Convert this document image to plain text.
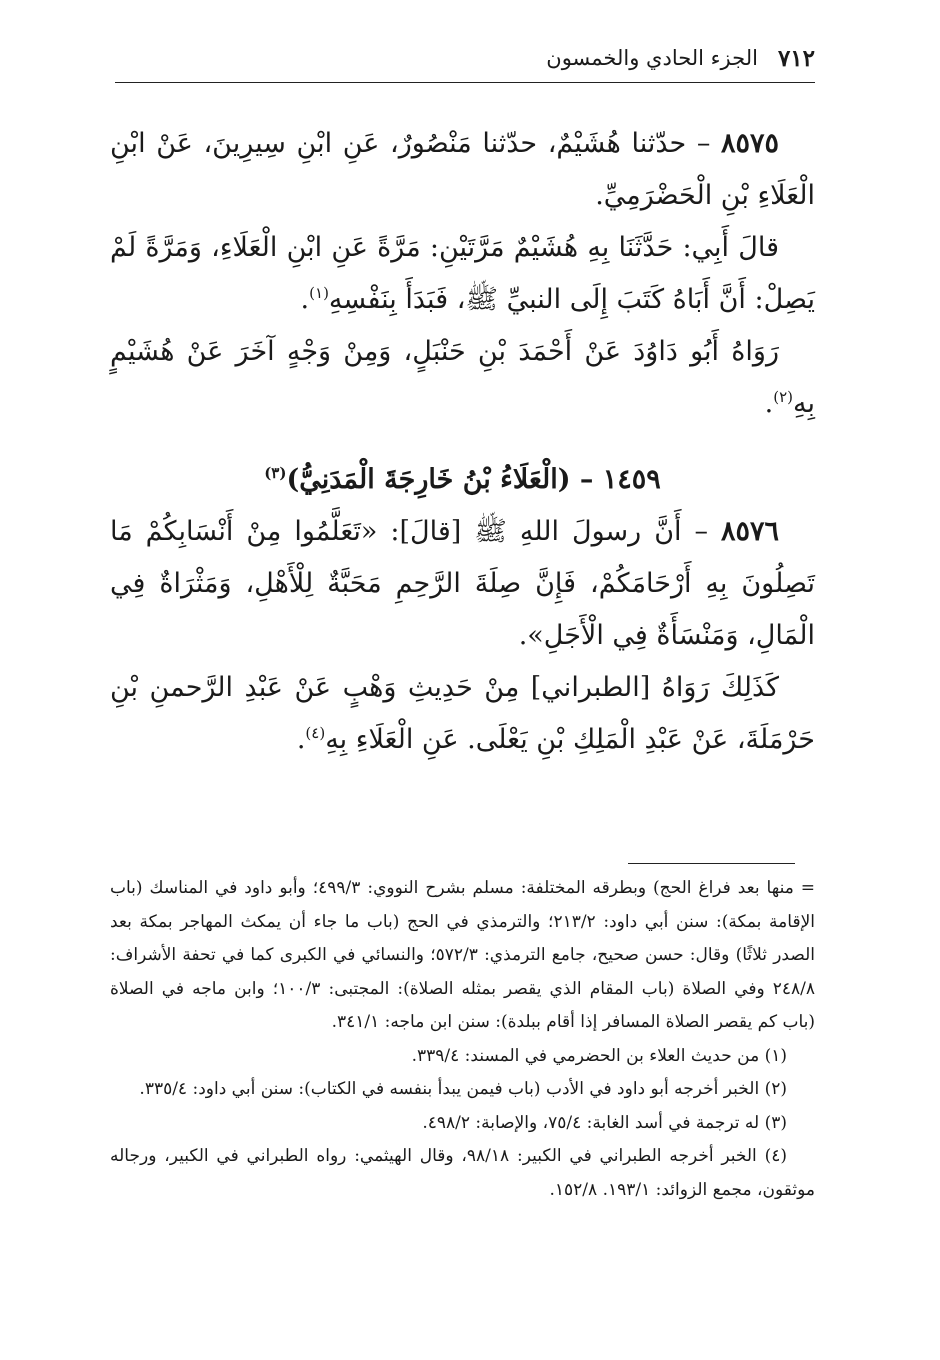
٧١٢
الجزء الحادي والخمسون

٨٥٧٥ – حدّثنا هُشَيْمٌ، حدّثنا مَنْصُورٌ، عَنِ ابْنِ سِيرِينَ، عَنْ ابْنِ الْعَلَاءِ بْنِ الْحَضْرَمِيِّ.

قالَ أَبِي: حَدَّثَنَا بِهِ هُشَيْمٌ مَرَّتَيْنِ: مَرَّةً عَنِ ابْنِ الْعَلَاءِ، وَمَرَّةً لَمْ يَصِلْ: أَنَّ أَبَاهُ كَتَبَ إِلَى النبيِّ ﷺ، فَبَدَأَ بِنَفْسِهِ$^{(١)}$.

رَوَاهُ أَبُو دَاوُدَ عَنْ أَحْمَدَ بْنِ حَنْبَلٍ، وَمِنْ وَجْهٍ آخَرَ عَنْ هُشَيْمٍ بِهِ$^{(٢)}$.

١٤٥٩ – (الْعَلَاءُ بْنُ خَارِجَةَ الْمَدَنِيُّ)$^{(٣)}$

٨٥٧٦ – أَنَّ رسولَ اللهِ ﷺ [قالَ]: «تَعَلَّمُوا مِنْ أَنْسَابِكُمْ مَا تَصِلُونَ بِهِ أَرْحَامَكُمْ، فَإِنَّ صِلَةَ الرَّحِمِ مَحَبَّةٌ لِلْأَهْلِ، وَمَثْرَاةٌ فِي الْمَالِ، وَمَنْسَأَةٌ فِي الْأَجَلِ».

كَذَلِكَ رَوَاهُ [الطبراني] مِنْ حَدِيثِ وَهْبٍ عَنْ عَبْدِ الرَّحمنِ بْنِ حَرْمَلَةَ، عَنْ عَبْدِ الْمَلِكِ بْنِ يَعْلَى. عَنِ الْعَلَاءِ بِهِ$^{(٤)}$.

= منها بعد فراغ الحج) وبطرقه المختلفة: مسلم بشرح النووي: ٤٩٩/٣؛ وأبو داود في المناسك (باب الإقامة بمكة): سنن أبي داود: ٢١٣/٢؛ والترمذي في الحج (باب ما جاء أن يمكث المهاجر بمكة بعد الصدر ثلاثًا) وقال: حسن صحيح، جامع الترمذي: ٥٧٢/٣؛ والنسائي في الكبرى كما في تحفة الأشراف: ٢٤٨/٨ وفي الصلاة (باب المقام الذي يقصر بمثله الصلاة): المجتبى: ١٠٠/٣؛ وابن ماجه في الصلاة (باب كم يقصر الصلاة المسافر إذا أقام ببلدة): سنن ابن ماجه: ٣٤١/١.

(١) من حديث العلاء بن الحضرمي في المسند: ٣٣٩/٤.

(٢) الخبر أخرجه أبو داود في الأدب (باب فيمن يبدأ بنفسه في الكتاب): سنن أبي داود: ٣٣٥/٤.

(٣) له ترجمة في أسد الغابة: ٧٥/٤، والإصابة: ٤٩٨/٢.

(٤) الخبر أخرجه الطبراني في الكبير: ٩٨/١٨، وقال الهيثمي: رواه الطبراني في الكبير، ورجاله موثقون، مجمع الزوائد: ١٩٣/١. ١٥٢/٨.
